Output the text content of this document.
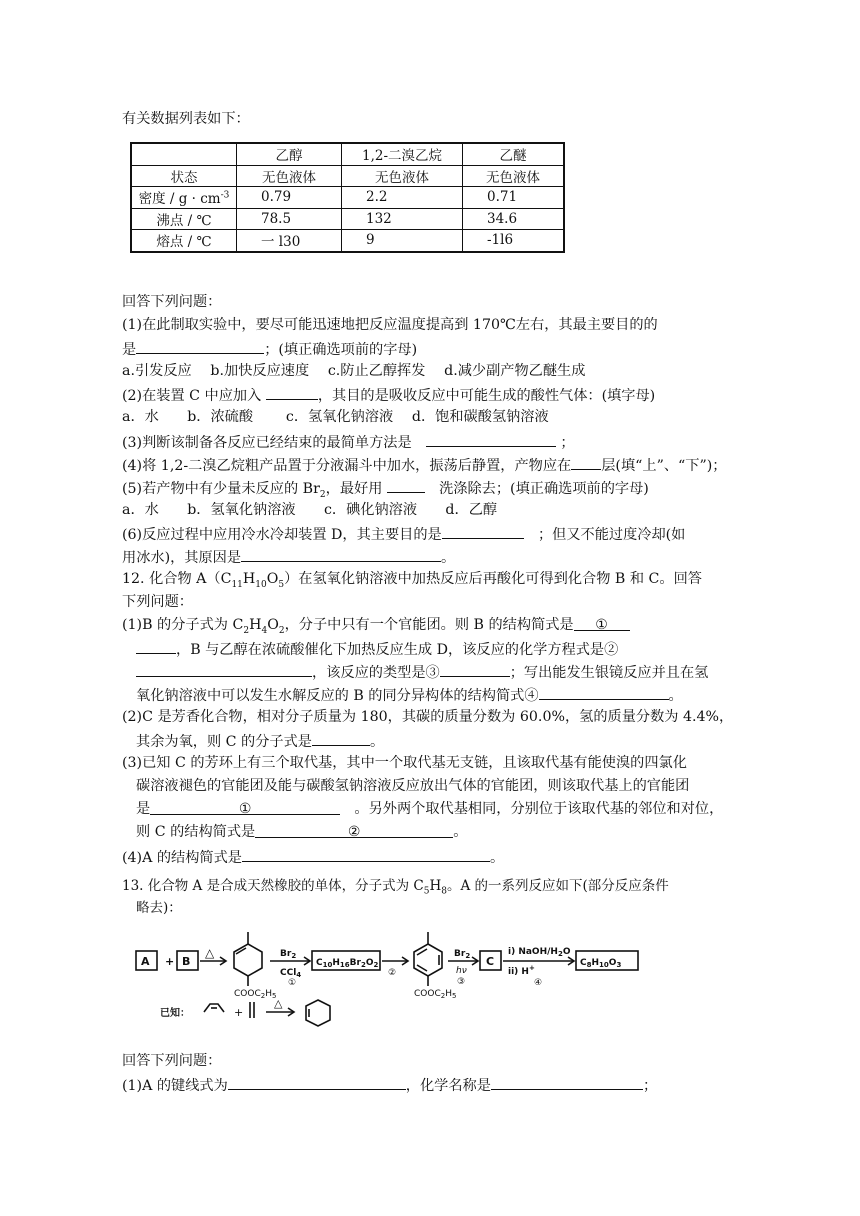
有关数据列表如下：
	乙醇	1,2-二溴乙烷	乙醚
状态	无色液体	无色液体	无色液体
密度 / $g \cdot cm^{-3}$	0.79	2.2	0.71
沸点 / ℃	78.5	132	34.6
熔点 / ℃	一 l30	9	-1l6
回答下列问题：
(1)在此制取实验中，要尽可能迅速地把反应温度提高到 170℃左右，其最主要目的的
是	；(填正确选项前的字母)
a.引发反应　 b.加快反应速度　 c.防止乙醇挥发　 d.减少副产物乙醚生成
(2)在装置 C 中应加入	，其目的是吸收反应中可能生成的酸性气体：(填字母)
a．水　　b．浓硫酸　　 c．氢氧化钠溶液　 d．饱和碳酸氢钠溶液
(3)判断该制备各反应已经结束的最简单方法是　	；
(4)将 1,2-二溴乙烷粗产品置于分液漏斗中加水，振荡后静置，产物应在 层(填“上”、“下”)；
(5)若产物中有少量未反应的 $Br_2$，最好用 　	洗涤除去；(填正确选项前的字母)
a．水　　b．氢氧化钠溶液　　c．碘化钠溶液　　d．乙醇
(6)反应过程中应用冷水冷却装置 D，其主要目的是　	；但又不能过度冷却(如
用冰水)，其原因是	。
12. 化合物 $A(C_{11}H_{10}O_5)$在氢氧化钠溶液中加热反应后再酸化可得到化合物 B 和 C。回答
下列问题：
(1)B 的分子式为 $C_2H_4O_2$，分子中只有一个官能团。则 B 的结构简式是 ①
，B 与乙醇在浓硫酸催化下加热反应生成 D，该反应的化学方程式是②
，该反应的类型是③	；写出能发生银镜反应并且在氢
氧化钠溶液中可以发生水解反应的 B 的同分异构体的结构简式④	。
(2)C 是芳香化合物，相对分子质量为 180，其碳的质量分数为 60.0%，氢的质量分数为 4.4%，
其余为氧，则 C 的分子式是	。
(3)已知 C 的芳环上有三个取代基，其中一个取代基无支链，且该取代基有能使溴的四氯化
碳溶液褪色的官能团及能与碳酸氢钠溶液反应放出气体的官能团，则该取代基上的官能团
是	①　	。另外两个取代基相同，分别位于该取代基的邻位和对位，
则 C 的结构简式是	②	。
(4)A 的结构简式是	。
13. 化合物 A 是合成天然橡胶的单体，分子式为 $C_5H_8$。A 的一系列反应如下(部分反应条件
略去)：
A + B
△
$COOC_2H_5$
$Br_2$
CCl$_4$
①
$C_{10}H_{16}Br_2O_2$
②
$COOC_2H_5$
$Br_2$
hν
③
C
i) NaOH/$H_2O$
ii) H+
④
$C_8H_{10}O_3$
已知：	+
△
回答下列问题：
(1)A 的键线式为	，化学名称是	；
